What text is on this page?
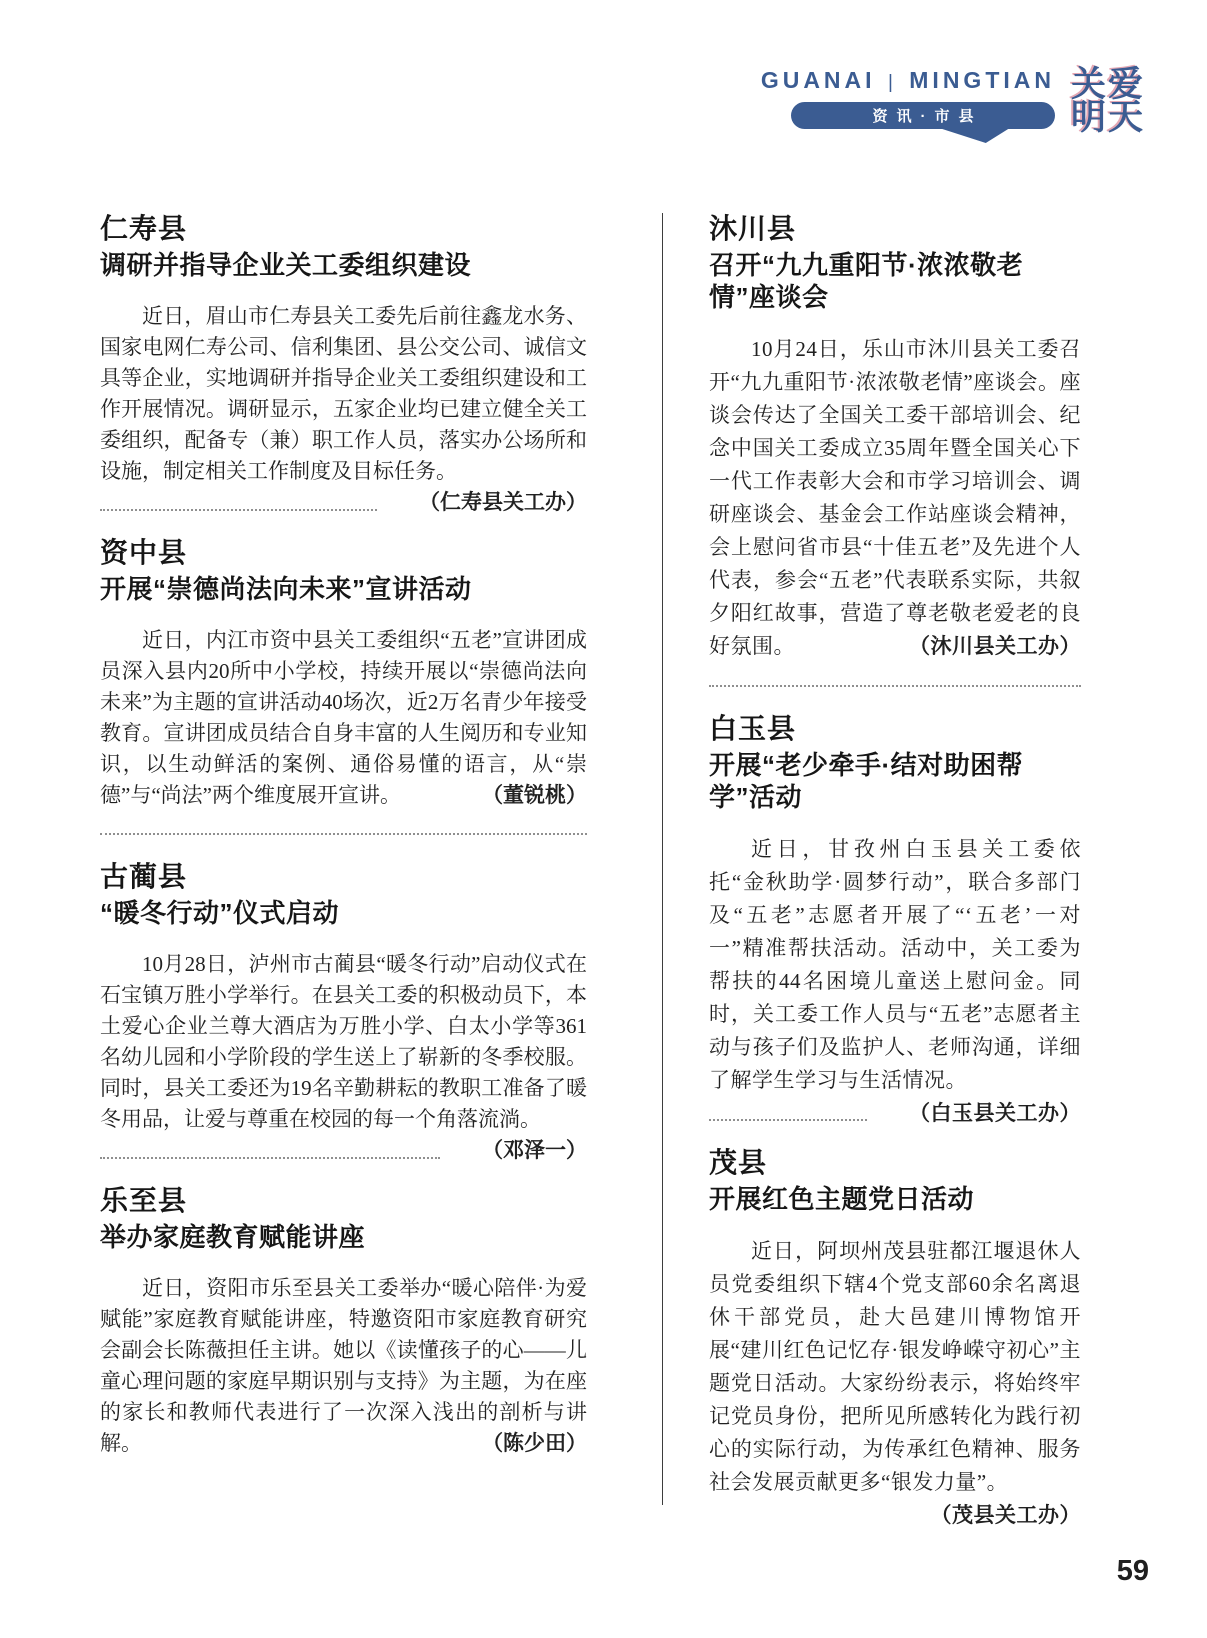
GUANAI | MINGTIAN
资讯·市县
关爱
明天
仁寿县
调研并指导企业关工委组织建设

近日，眉山市仁寿县关工委先后前往鑫龙水务、国家电网仁寿公司、信利集团、县公交公司、诚信文具等企业，实地调研并指导企业关工委组织建设和工作开展情况。调研显示，五家企业均已建立健全关工委组织，配备专（兼）职工作人员，落实办公场所和设施，制定相关工作制度及目标任务。
（仁寿县关工办）

资中县
开展“崇德尚法向未来”宣讲活动

近日，内江市资中县关工委组织“五老”宣讲团成员深入县内20所中小学校，持续开展以“崇德尚法向未来”为主题的宣讲活动40场次，近2万名青少年接受教育。宣讲团成员结合自身丰富的人生阅历和专业知识，以生动鲜活的案例、通俗易懂的语言，从“崇德”与“尚法”两个维度展开宣讲。	（董锐桃）

古蔺县
“暖冬行动”仪式启动

10月28日，泸州市古蔺县“暖冬行动”启动仪式在石宝镇万胜小学举行。在县关工委的积极动员下，本土爱心企业兰尊大酒店为万胜小学、白太小学等361名幼儿园和小学阶段的学生送上了崭新的冬季校服。同时，县关工委还为19名辛勤耕耘的教职工准备了暖冬用品，让爱与尊重在校园的每一个角落流淌。
（邓泽一）

乐至县
举办家庭教育赋能讲座

近日，资阳市乐至县关工委举办“暖心陪伴·为爱赋能”家庭教育赋能讲座，特邀资阳市家庭教育研究会副会长陈薇担任主讲。她以《读懂孩子的心——儿童心理问题的家庭早期识别与支持》为主题，为在座的家长和教师代表进行了一次深入浅出的剖析与讲解。	（陈少田）

沐川县
召开“九九重阳节·浓浓敬老情”座谈会

10月24日，乐山市沐川县关工委召开“九九重阳节·浓浓敬老情”座谈会。座谈会传达了全国关工委干部培训会、纪念中国关工委成立35周年暨全国关心下一代工作表彰大会和市学习培训会、调研座谈会、基金会工作站座谈会精神，会上慰问省市县“十佳五老”及先进个人代表，参会“五老”代表联系实际，共叙夕阳红故事，营造了尊老敬老爱老的良好氛围。	（沐川县关工办）

白玉县
开展“老少牵手·结对助困帮学”活动

近日，甘孜州白玉县关工委依托“金秋助学·圆梦行动”，联合多部门及“五老”志愿者开展了“‘五老’一对一”精准帮扶活动。活动中，关工委为帮扶的44名困境儿童送上慰问金。同时，关工委工作人员与“五老”志愿者主动与孩子们及监护人、老师沟通，详细了解学生学习与生活情况。
（白玉县关工办）

茂县
开展红色主题党日活动

近日，阿坝州茂县驻都江堰退休人员党委组织下辖4个党支部60余名离退休干部党员，赴大邑建川博物馆开展“建川红色记忆存·银发峥嵘守初心”主题党日活动。大家纷纷表示，将始终牢记党员身份，把所见所感转化为践行初心的实际行动，为传承红色精神、服务社会发展贡献更多“银发力量”。
（茂县关工办）

59
